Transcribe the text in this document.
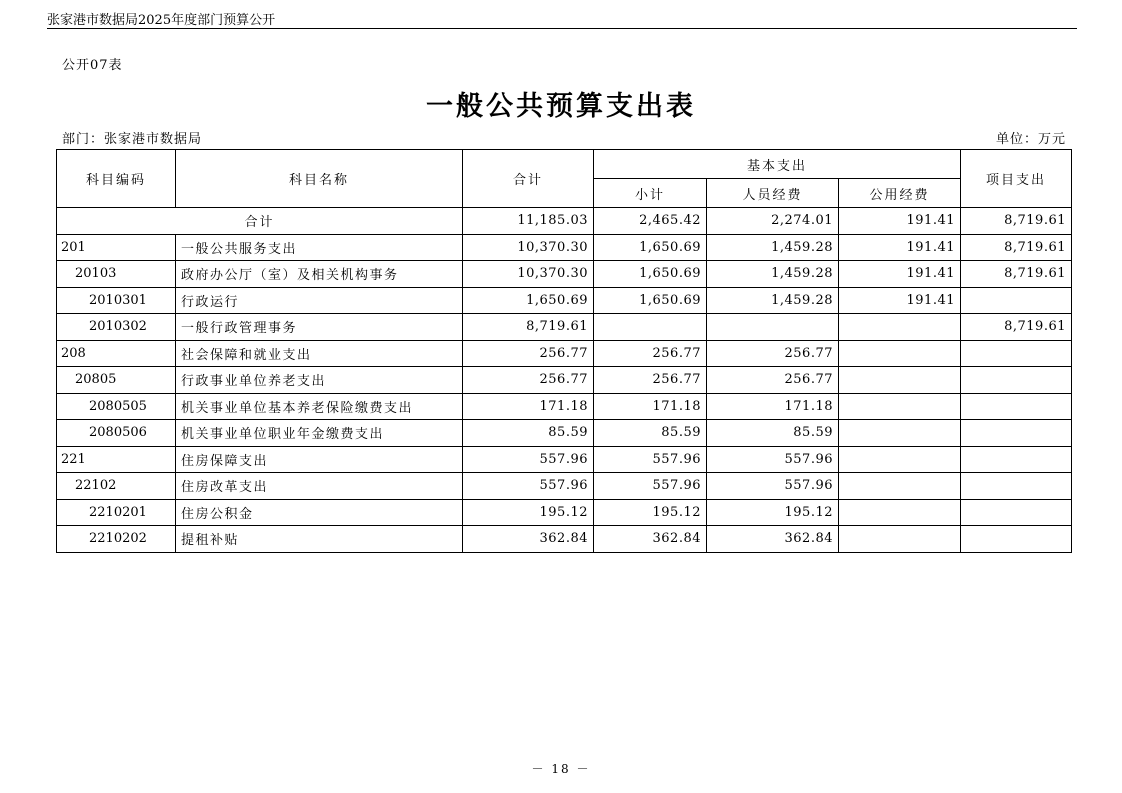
张家港市数据局2025年度部门预算公开
公开07表
一般公共预算支出表
部门：张家港市数据局	单位：万元
科目编码	科目名称	合计	基本支出			项目支出
			小计	人员经费	公用经费	
合计		11,185.03	2,465.42	2,274.01	191.41	8,719.61
201	一般公共服务支出	10,370.30	1,650.69	1,459.28	191.41	8,719.61
20103	政府办公厅（室）及相关机构事务	10,370.30	1,650.69	1,459.28	191.41	8,719.61
2010301	行政运行	1,650.69	1,650.69	1,459.28	191.41	
2010302	一般行政管理事务	8,719.61				8,719.61
208	社会保障和就业支出	256.77	256.77	256.77		
20805	行政事业单位养老支出	256.77	256.77	256.77		
2080505	机关事业单位基本养老保险缴费支出	171.18	171.18	171.18		
2080506	机关事业单位职业年金缴费支出	85.59	85.59	85.59		
221	住房保障支出	557.96	557.96	557.96		
22102	住房改革支出	557.96	557.96	557.96		
2210201	住房公积金	195.12	195.12	195.12		
2210202	提租补贴	362.84	362.84	362.84		
－ 18 －
